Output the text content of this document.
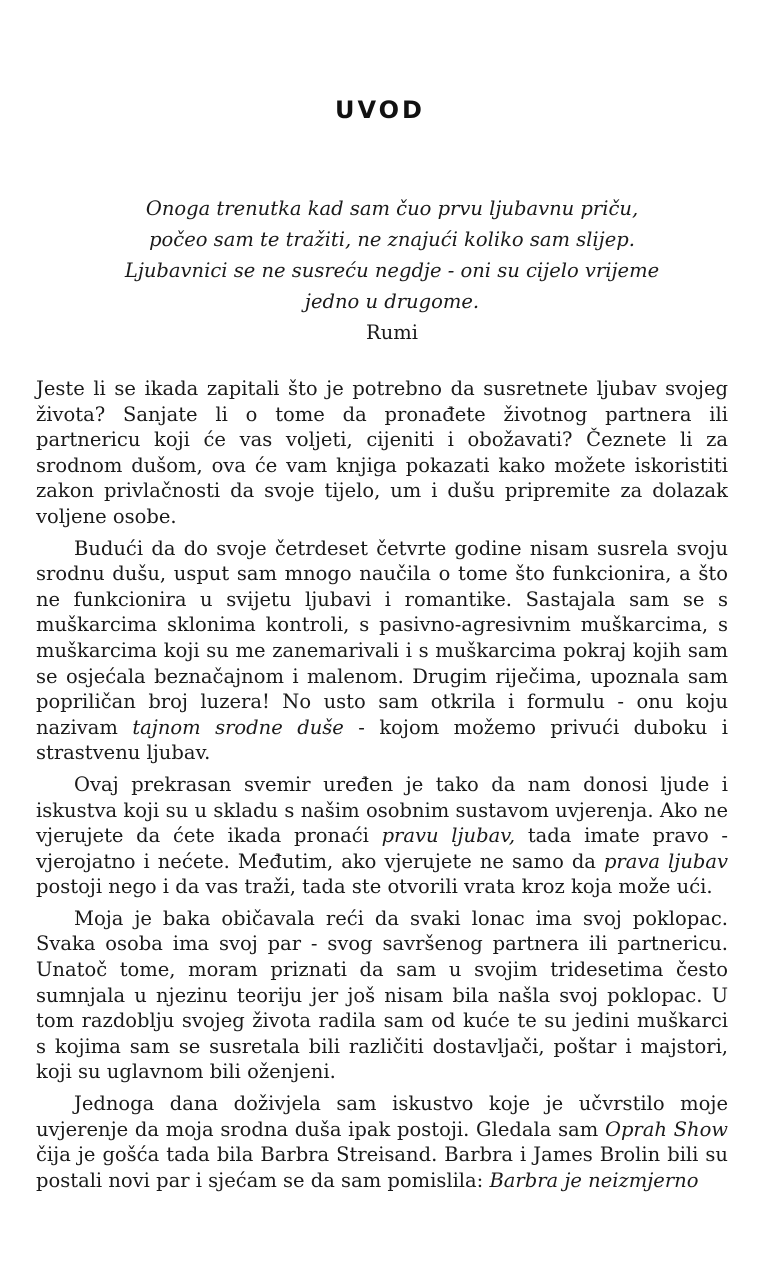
UVOD
Onoga trenutka kad sam čuo prvu ljubavnu priču,
počeo sam te tražiti, ne znajući koliko sam slijep.
Ljubavnici se ne susreću negdje - oni su cijelo vrijeme
jedno u drugome.
Rumi

Jeste li se ikada zapitali što je potrebno da susretnete ljubav svojeg života? Sanjate li o tome da pronađete životnog partnera ili partnericu koji će vas voljeti, cijeniti i obožavati? Čeznete li za srodnom dušom, ova će vam knjiga pokazati kako možete iskoristiti zakon privlačnosti da svoje tijelo, um i dušu pripremite za dolazak voljene osobe.

Budući da do svoje četrdeset četvrte godine nisam susrela svoju srodnu dušu, usput sam mnogo naučila o tome što funkcionira, a što ne funkcionira u svijetu ljubavi i romantike. Sastajala sam se s muškarcima sklonima kontroli, s pasivno-agresivnim muškarcima, s muškarcima koji su me zanemarivali i s muškarcima pokraj kojih sam se osjećala beznačajnom i malenom. Drugim riječima, upoznala sam popriličan broj luzera! No usto sam otkrila i formulu - onu koju nazivam tajnom srodne duše - kojom možemo privući duboku i strastvenu ljubav.

Ovaj prekrasan svemir uređen je tako da nam donosi ljude i iskustva koji su u skladu s našim osobnim sustavom uvjerenja. Ako ne vjerujete da ćete ikada pronaći pravu ljubav, tada imate pravo - vjerojatno i nećete. Međutim, ako vjerujete ne samo da prava ljubav postoji nego i da vas traži, tada ste otvorili vrata kroz koja može ući.

Moja je baka običavala reći da svaki lonac ima svoj poklopac. Svaka osoba ima svoj par - svog savršenog partnera ili partnericu. Unatoč tome, moram priznati da sam u svojim tridesetima često sumnjala u njezinu teoriju jer još nisam bila našla svoj poklopac. U tom razdoblju svojeg života radila sam od kuće te su jedini muškarci s kojima sam se susretala bili različiti dostavljači, poštar i majstori, koji su uglavnom bili oženjeni.

Jednoga dana doživjela sam iskustvo koje je učvrstilo moje uvjerenje da moja srodna duša ipak postoji. Gledala sam Oprah Show čija je gošća tada bila Barbra Streisand. Barbra i James Brolin bili su postali novi par i sjećam se da sam pomislila: Barbra je neizmjerno
